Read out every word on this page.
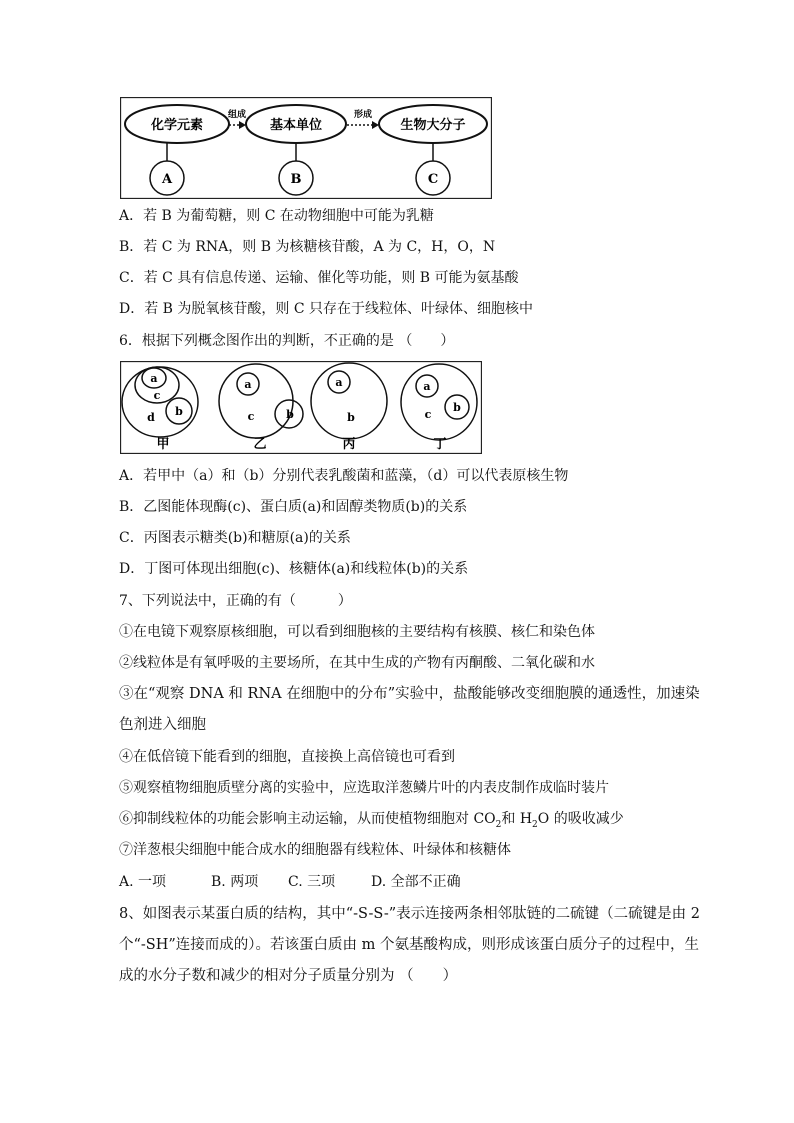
化学元素	基本单位	生物大分子
组成	形成
A	B	C
A．若 B 为葡萄糖，则 C 在动物细胞中可能为乳糖
B．若 C 为 RNA，则 B 为核糖核苷酸，A 为 C，H，O，N
C．若 C 具有信息传递、运输、催化等功能，则 B 可能为氨基酸
D．若 B 为脱氧核苷酸，则 C 只存在于线粒体、叶绿体、细胞核中
6．根据下列概念图作出的判断，不正确的是 （　　）
a
c
d b
甲
a
c	b
乙
a
b
丙
a
c
b
丁
A．若甲中（a）和（b）分别代表乳酸菌和蓝藻，（d）可以代表原核生物
B．乙图能体现酶(c)、蛋白质(a)和固醇类物质(b)的关系
C．丙图表示糖类(b)和糖原(a)的关系
D．丁图可体现出细胞(c)、核糖体(a)和线粒体(b)的关系
7、下列说法中，正确的有（　　　）
①在电镜下观察原核细胞，可以看到细胞核的主要结构有核膜、核仁和染色体
②线粒体是有氧呼吸的主要场所，在其中生成的产物有丙酮酸、二氧化碳和水
③在“观察 DNA 和 RNA 在细胞中的分布”实验中，盐酸能够改变细胞膜的通透性，加速染
色剂进入细胞
④在低倍镜下能看到的细胞，直接换上高倍镜也可看到
⑤观察植物细胞质壁分离的实验中，应选取洋葱鳞片叶的内表皮制作成临时装片
⑥抑制线粒体的功能会影响主动运输，从而使植物细胞对 $CO_2$和 $H_2O$ 的吸收减少
⑦洋葱根尖细胞中能合成水的细胞器有线粒体、叶绿体和核糖体
A. 一项	B. 两项 C. 三项	D. 全部不正确
8、如图表示某蛋白质的结构，其中“-S-S-”表示连接两条相邻肽链的二硫键（二硫键是由 2
个“-SH”连接而成的）。若该蛋白质由 m 个氨基酸构成，则形成该蛋白质分子的过程中，生
成的水分子数和减少的相对分子质量分别为 （　　）
